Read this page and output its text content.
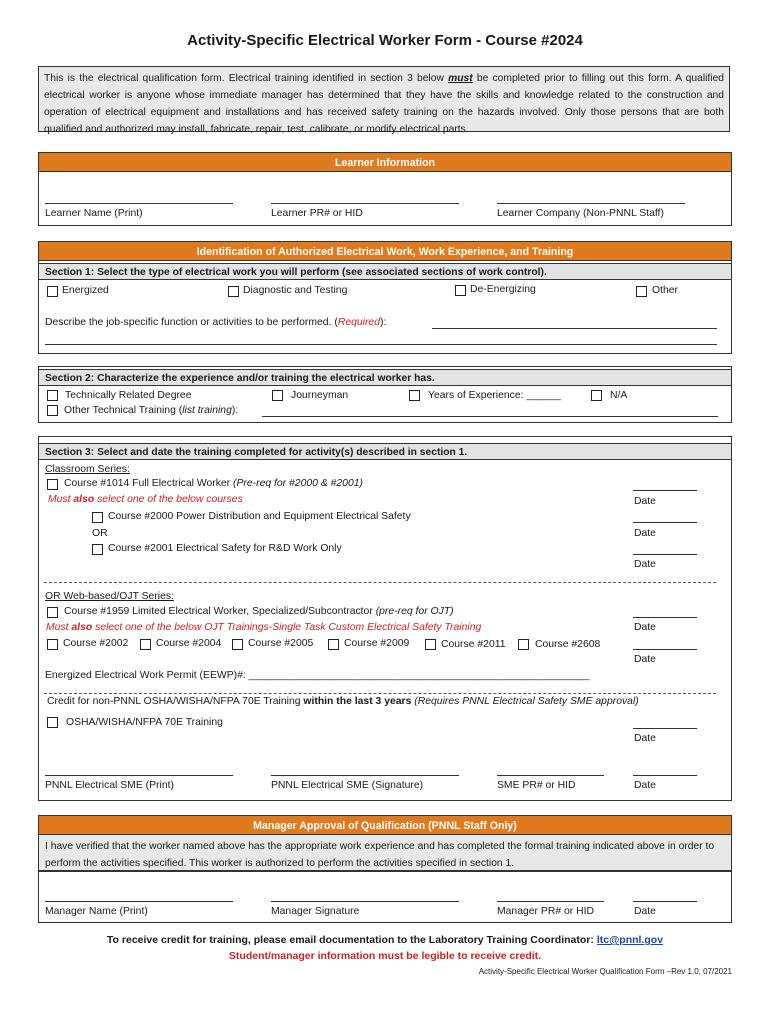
Activity-Specific Electrical Worker Form - Course #2024
This is the electrical qualification form. Electrical training identified in section 3 below must be completed prior to filling out this form. A qualified electrical worker is anyone whose immediate manager has determined that they have the skills and knowledge related to the construction and operation of electrical equipment and installations and has received safety training on the hazards involved. Only those persons that are both qualified and authorized may install, fabricate, repair, test, calibrate, or modify electrical parts.
Learner Information
Learner Name (Print)	Learner PR# or HID	Learner Company (Non-PNNL Staff)
Identification of Authorized Electrical Work, Work Experience, and Training
Section 1: Select the type of electrical work you will perform (see associated sections of work control).
Energized	Diagnostic and Testing	De-Energizing	Other
Describe the job-specific function or activities to be performed. (Required):
Section 2: Characterize the experience and/or training the electrical worker has.
Technically Related Degree	Journeyman	Years of Experience: ______	N/A
Other Technical Training (list training):
Section 3: Select and date the training completed for activity(s) described in section 1.
Classroom Series:
Course #1014 Full Electrical Worker (Pre-req for #2000 & #2001)
Must also select one of the below courses	Date
Course #2000 Power Distribution and Equipment Electrical Safety
Date
OR
Course #2001 Electrical Safety for R&D Work Only
Date
OR Web-based/OJT Series:
Course #1959 Limited Electrical Worker, Specialized/Subcontractor (pre-req for OJT)
Must also select one of the below OJT Trainings-Single Task Custom Electrical Safety Training	Date
Course #2002	Course #2004	Course #2005	Course #2009	Course #2011	Course #2608
Date
Energized Electrical Work Permit (EEWP)#: ___________________________________________________________
Credit for non-PNNL OSHA/WISHA/NFPA 70E Training within the last 3 years (Requires PNNL Electrical Safety SME approval)
OSHA/WISHA/NFPA 70E Training
Date
PNNL Electrical SME (Print)	PNNL Electrical SME (Signature)	SME PR# or HID	Date
Manager Approval of Qualification (PNNL Staff Only)
I have verified that the worker named above has the appropriate work experience and has completed the formal training indicated above in order to perform the activities specified. This worker is authorized to perform the activities specified in section 1.
Manager Name (Print)	Manager Signature	Manager PR# or HID	Date
To receive credit for training, please email documentation to the Laboratory Training Coordinator: ltc@pnnl.gov
Student/manager information must be legible to receive credit.
Activity-Specific Electrical Worker Qualification Form –Rev 1.0, 07/2021
